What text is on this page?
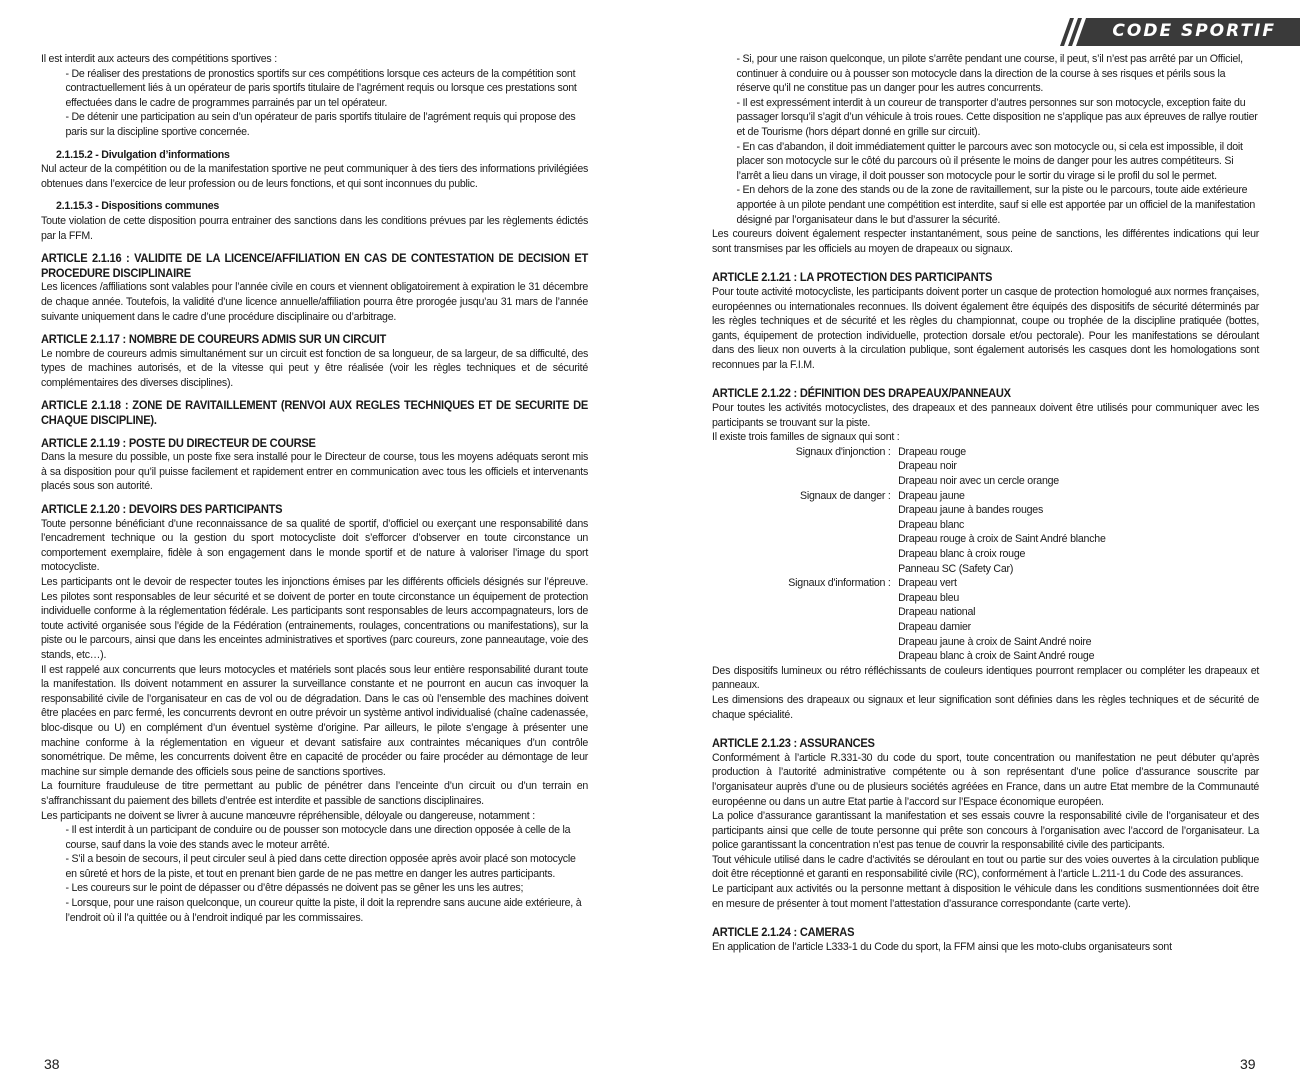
CODE SPORTIF

Il est interdit aux acteurs des compétitions sportives :

- De réaliser des prestations de pronostics sportifs sur ces compétitions lorsque ces acteurs de la compétition sont contractuellement liés à un opérateur de paris sportifs titulaire de l’agrément requis ou lorsque ces prestations sont effectuées dans le cadre de programmes parrainés par un tel opérateur.

- De détenir une participation au sein d’un opérateur de paris sportifs titulaire de l’agrément requis qui propose des paris sur la discipline sportive concernée.

2.1.15.2 - Divulgation d’informations

Nul acteur de la compétition ou de la manifestation sportive ne peut communiquer à des tiers des informations privilégiées obtenues dans l’exercice de leur profession ou de leurs fonctions, et qui sont inconnues du public.

2.1.15.3 - Dispositions communes

Toute violation de cette disposition pourra entrainer des sanctions dans les conditions prévues par les règlements édictés par la FFM.

ARTICLE 2.1.16 : VALIDITE DE LA LICENCE/AFFILIATION EN CAS DE CONTESTATION DE DECISION ET PROCEDURE DISCIPLINAIRE

Les licences /affiliations sont valables pour l’année civile en cours et viennent obligatoirement à expiration le 31 décembre de chaque année. Toutefois, la validité d’une licence annuelle/affiliation pourra être prorogée jusqu’au 31 mars de l’année suivante uniquement dans le cadre d’une procédure disciplinaire ou d’arbitrage.

ARTICLE 2.1.17 : NOMBRE DE COUREURS ADMIS SUR UN CIRCUIT

Le nombre de coureurs admis simultanément sur un circuit est fonction de sa longueur, de sa largeur, de sa difficulté, des types de machines autorisés, et de la vitesse qui peut y être réalisée (voir les règles techniques et de sécurité complémentaires des diverses disciplines).

ARTICLE 2.1.18 : ZONE DE RAVITAILLEMENT (RENVOI AUX REGLES TECHNIQUES ET DE SECURITE DE CHAQUE DISCIPLINE).

ARTICLE 2.1.19 : POSTE DU DIRECTEUR DE COURSE

Dans la mesure du possible, un poste fixe sera installé pour le Directeur de course, tous les moyens adéquats seront mis à sa disposition pour qu’il puisse facilement et rapidement entrer en communication avec tous les officiels et intervenants placés sous son autorité.

ARTICLE 2.1.20 : DEVOIRS DES PARTICIPANTS

Toute personne bénéficiant d’une reconnaissance de sa qualité de sportif, d’officiel ou exerçant une responsabilité dans l’encadrement technique ou la gestion du sport motocycliste doit s’efforcer d’observer en toute circonstance un comportement exemplaire, fidèle à son engagement dans le monde sportif et de nature à valoriser l’image du sport motocycliste.

Les participants ont le devoir de respecter toutes les injonctions émises par les différents officiels désignés sur l’épreuve. Les pilotes sont responsables de leur sécurité et se doivent de porter en toute circonstance un équipement de protection individuelle conforme à la réglementation fédérale. Les participants sont responsables de leurs accompagnateurs, lors de toute activité organisée sous l’égide de la Fédération (entrainements, roulages, concentrations ou manifestations), sur la piste ou le parcours, ainsi que dans les enceintes administratives et sportives (parc coureurs, zone panneautage, voie des stands, etc…).

Il est rappelé aux concurrents que leurs motocycles et matériels sont placés sous leur entière responsabilité durant toute la manifestation. Ils doivent notamment en assurer la surveillance constante et ne pourront en aucun cas invoquer la responsabilité civile de l’organisateur en cas de vol ou de dégradation. Dans le cas où l’ensemble des machines doivent être placées en parc fermé, les concurrents devront en outre prévoir un système antivol individualisé (chaîne cadenassée, bloc-disque ou U) en complément d’un éventuel système d’origine. Par ailleurs, le pilote s’engage à présenter une machine conforme à la réglementation en vigueur et devant satisfaire aux contraintes mécaniques d’un contrôle sonométrique. De même, les concurrents doivent être en capacité de procéder ou faire procéder au démontage de leur machine sur simple demande des officiels sous peine de sanctions sportives.

La fourniture frauduleuse de titre permettant au public de pénétrer dans l’enceinte d’un circuit ou d’un terrain en s’affranchissant du paiement des billets d’entrée est interdite et passible de sanctions disciplinaires.

Les participants ne doivent se livrer à aucune manœuvre répréhensible, déloyale ou dangereuse, notamment :

- Il est interdit à un participant de conduire ou de pousser son motocycle dans une direction opposée à celle de la course, sauf dans la voie des stands avec le moteur arrêté.

- S’il a besoin de secours, il peut circuler seul à pied dans cette direction opposée après avoir placé son motocycle en sûreté et hors de la piste, et tout en prenant bien garde de ne pas mettre en danger les autres participants.

- Les coureurs sur le point de dépasser ou d’être dépassés ne doivent pas se gêner les uns les autres;

- Lorsque, pour une raison quelconque, un coureur quitte la piste, il doit la reprendre sans aucune aide extérieure, à l’endroit où il l’a quittée ou à l’endroit indiqué par les commissaires.

38

- Si, pour une raison quelconque, un pilote s’arrête pendant une course, il peut, s’il n’est pas arrêté par un Officiel, continuer à conduire ou à pousser son motocycle dans la direction de la course à ses risques et périls sous la réserve qu’il ne constitue pas un danger pour les autres concurrents.

- Il est expressément interdit à un coureur de transporter d’autres personnes sur son motocycle, exception faite du passager lorsqu’il s’agit d’un véhicule à trois roues. Cette disposition ne s’applique pas aux épreuves de rallye routier et de Tourisme (hors départ donné en grille sur circuit).

- En cas d’abandon, il doit immédiatement quitter le parcours avec son motocycle ou, si cela est impossible, il doit placer son motocycle sur le côté du parcours où il présente le moins de danger pour les autres compétiteurs. Si l’arrêt a lieu dans un virage, il doit pousser son motocycle pour le sortir du virage si le profil du sol le permet.

- En dehors de la zone des stands ou de la zone de ravitaillement, sur la piste ou le parcours, toute aide extérieure apportée à un pilote pendant une compétition est interdite, sauf si elle est apportée par un officiel de la manifestation désigné par l’organisateur dans le but d’assurer la sécurité.

Les coureurs doivent également respecter instantanément, sous peine de sanctions, les différentes indications qui leur sont transmises par les officiels au moyen de drapeaux ou signaux.

ARTICLE 2.1.21 : LA PROTECTION DES PARTICIPANTS

Pour toute activité motocycliste, les participants doivent porter un casque de protection homologué aux normes françaises, européennes ou internationales reconnues. Ils doivent également être équipés des dispositifs de sécurité déterminés par les règles techniques et de sécurité et les règles du championnat, coupe ou trophée de la discipline pratiquée (bottes, gants, équipement de protection individuelle, protection dorsale et/ou pectorale). Pour les manifestations se déroulant dans des lieux non ouverts à la circulation publique, sont également autorisés les casques dont les homologations sont reconnues par la F.I.M.

ARTICLE 2.1.22 : DÉFINITION DES DRAPEAUX/PANNEAUX

Pour toutes les activités motocyclistes, des drapeaux et des panneaux doivent être utilisés pour communiquer avec les participants se trouvant sur la piste.

Il existe trois familles de signaux qui sont :

Signaux d'injonction : Drapeau rouge
Drapeau noir
Drapeau noir avec un cercle orange
Signaux de danger : Drapeau jaune
Drapeau jaune à bandes rouges
Drapeau blanc
Drapeau rouge à croix de Saint André blanche
Drapeau blanc à croix rouge
Panneau SC (Safety Car)
Signaux d'information : Drapeau vert
Drapeau bleu
Drapeau national
Drapeau damier
Drapeau jaune à croix de Saint André noire
Drapeau blanc à croix de Saint André rouge

Des dispositifs lumineux ou rétro réfléchissants de couleurs identiques pourront remplacer ou compléter les drapeaux et panneaux.

Les dimensions des drapeaux ou signaux et leur signification sont définies dans les règles techniques et de sécurité de chaque spécialité.

ARTICLE 2.1.23 : ASSURANCES

Conformément à l’article R.331-30 du code du sport, toute concentration ou manifestation ne peut débuter qu’après production à l’autorité administrative compétente ou à son représentant d’une police d’assurance souscrite par l’organisateur auprès d’une ou de plusieurs sociétés agréées en France, dans un autre Etat membre de la Communauté européenne ou dans un autre Etat partie à l’accord sur l’Espace économique européen.

La police d’assurance garantissant la manifestation et ses essais couvre la responsabilité civile de l’organisateur et des participants ainsi que celle de toute personne qui prête son concours à l’organisation avec l’accord de l’organisateur. La police garantissant la concentration n’est pas tenue de couvrir la responsabilité civile des participants.

Tout véhicule utilisé dans le cadre d’activités se déroulant en tout ou partie sur des voies ouvertes à la circulation publique doit être réceptionné et garanti en responsabilité civile (RC), conformément à l’article L.211-1 du Code des assurances.

Le participant aux activités ou la personne mettant à disposition le véhicule dans les conditions susmentionnées doit être en mesure de présenter à tout moment l’attestation d’assurance correspondante (carte verte).

ARTICLE 2.1.24 : CAMERAS

En application de l’article L333-1 du Code du sport, la FFM ainsi que les moto-clubs organisateurs sont

39
